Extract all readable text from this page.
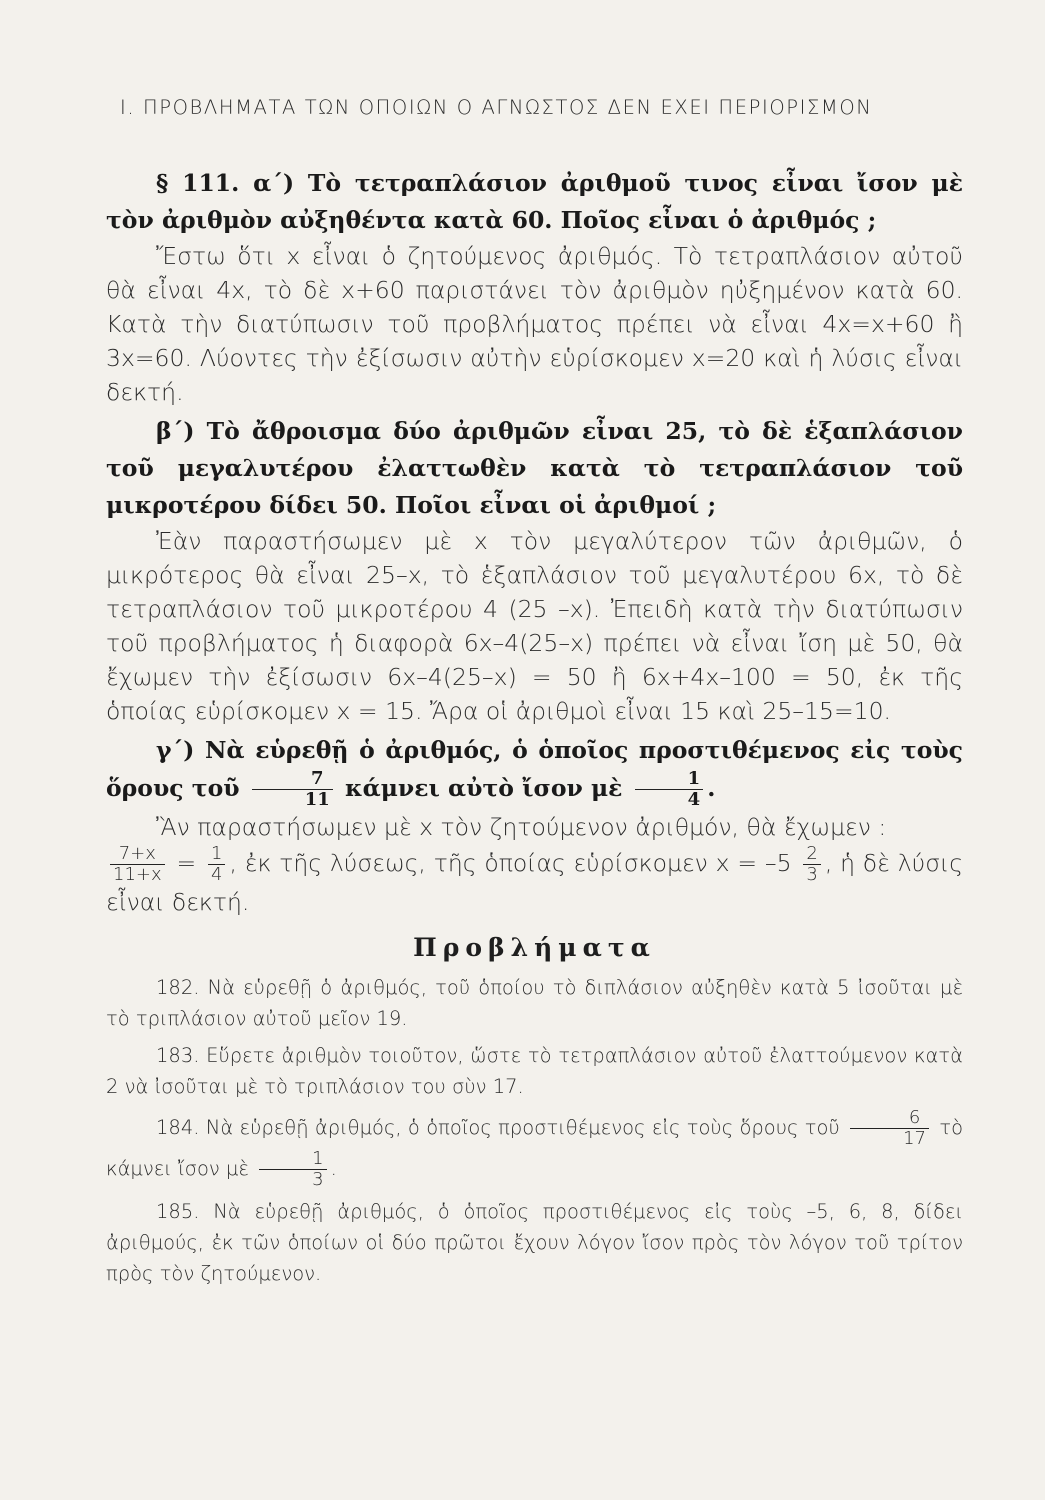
I. ΠΡΟΒΛΗΜΑΤΑ ΤΩΝ ΟΠΟΙΩΝ Ο ΑΓΝΩΣΤΟΣ ΔΕΝ ΕΧΕΙ ΠΕΡΙΟΡΙΣΜΟΝ

§ 111. α΄) Τὸ τετραπλάσιον ἀριθμοῦ τινος εἶναι ἴσον μὲ τὸν ἀριθμὸν αὐξηθέντα κατὰ 60. Ποῖος εἶναι ὁ ἀριθμός ;

Ἔστω ὅτι x εἶναι ὁ ζητούμενος ἀριθμός. Τὸ τετραπλάσιον αὐτοῦ θὰ εἶναι 4x, τὸ δὲ x+60 παριστάνει τὸν ἀριθμὸν ηὐξημένον κατὰ 60. Κατὰ τὴν διατύπωσιν τοῦ προβλήματος πρέπει νὰ εἶναι 4x=x+60 ἢ 3x=60. Λύοντες τὴν ἐξίσωσιν αὐτὴν εὑρίσκομεν x=20 καὶ ἡ λύσις εἶναι δεκτή.

β΄) Τὸ ἄθροισμα δύο ἀριθμῶν εἶναι 25, τὸ δὲ ἑξαπλάσιον τοῦ μεγαλυτέρου ἐλαττωθὲν κατὰ τὸ τετραπλάσιον τοῦ μικροτέρου δίδει 50. Ποῖοι εἶναι οἱ ἀριθμοί ;

Ἐὰν παραστήσωμεν μὲ x τὸν μεγαλύτερον τῶν ἀριθμῶν, ὁ μικρότερος θὰ εἶναι 25–x, τὸ ἑξαπλάσιον τοῦ μεγαλυτέρου 6x, τὸ δὲ τετραπλάσιον τοῦ μικροτέρου 4 (25 –x). Ἐπειδὴ κατὰ τὴν διατύπωσιν τοῦ προβλήματος ἡ διαφορὰ 6x–4(25–x) πρέπει νὰ εἶναι ἴση μὲ 50, θὰ ἔχωμεν τὴν ἐξίσωσιν 6x–4(25–x) = 50 ἢ 6x+4x–100 = 50, ἐκ τῆς ὁποίας εὑρίσκομεν x = 15. Ἄρα οἱ ἀριθμοὶ εἶναι 15 καὶ 25–15=10.

γ΄) Νὰ εὑρεθῇ ὁ ἀριθμός, ὁ ὁποῖος προστιθέμενος εἰς τοὺς ὅρους τοῦ $\frac{7}{11}$ κάμνει αὐτὸ ἴσον μὲ $\frac{1}{4}$ .

Ἂν παραστήσωμεν μὲ x τὸν ζητούμενον ἀριθμόν, θὰ ἔχωμεν :

$\frac{7+x}{11+x} = \frac{1}{4}$ , ἐκ τῆς λύσεως, τῆς ὁποίας εὑρίσκομεν $x = -5 \frac{2}{3}$ , ἡ δὲ λύσις εἶναι δεκτή.

Προβλήματα

182. Νὰ εὑρεθῇ ὁ ἀριθμός, τοῦ ὁποίου τὸ διπλάσιον αὐξηθὲν κατὰ 5 ἰσοῦται μὲ τὸ τριπλάσιον αὐτοῦ μεῖον 19.

183. Εὕρετε ἀριθμὸν τοιοῦτον, ὥστε τὸ τετραπλάσιον αὐτοῦ ἐλαττούμενον κατὰ 2 νὰ ἰσοῦται μὲ τὸ τριπλάσιον του σὺν 17.

184. Νὰ εὑρεθῇ ἀριθμός, ὁ ὁποῖος προστιθέμενος εἰς τοὺς ὅρους τοῦ $\frac{6}{17}$ τὸ κάμνει ἴσον μὲ $\frac{1}{3}$ .

185. Νὰ εὑρεθῇ ἀριθμός, ὁ ὁποῖος προστιθέμενος εἰς τοὺς –5, 6, 8, δίδει ἀριθμούς, ἐκ τῶν ὁποίων οἱ δύο πρῶτοι ἔχουν λόγον ἴσον πρὸς τὸν λόγον τοῦ τρίτον πρὸς τὸν ζητούμενον.
